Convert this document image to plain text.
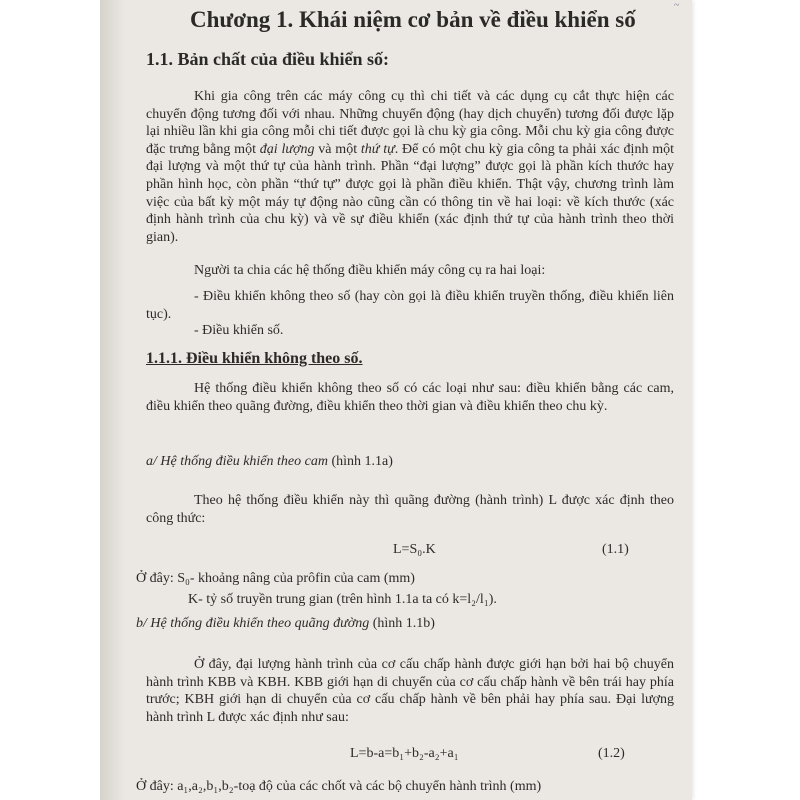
~
Chương 1. Khái niệm cơ bản về điều khiển số
1.1. Bản chất của điều khiển số:
Khi gia công trên các máy công cụ thì chi tiết và các dụng cụ cắt thực hiện các chuyển động tương đối với nhau. Những chuyển động (hay dịch chuyển) tương đối được lặp lại nhiều lần khi gia công mỗi chi tiết được gọi là chu kỳ gia công. Mỗi chu kỳ gia công được đặc trưng bằng một đại lượng và một thứ tự. Để có một chu kỳ gia công ta phải xác định một đại lượng và một thứ tự của hành trình. Phần “đại lượng” được gọi là phần kích thước hay phần hình học, còn phần “thứ tự” được gọi là phần điều khiển. Thật vậy, chương trình làm việc của bất kỳ một máy tự động nào cũng cần có thông tin về hai loại: về kích thước (xác định hành trình của chu kỳ) và về sự điều khiển (xác định thứ tự của hành trình theo thời gian).
Người ta chia các hệ thống điều khiển máy công cụ ra hai loại:
- Điều khiển không theo số (hay còn gọi là điều khiển truyền thống, điều khiển liên tục).
- Điều khiển số.
1.1.1. Điều khiển không theo số.
Hệ thống điều khiển không theo số có các loại như sau: điều khiển bằng các cam, điều khiển theo quãng đường, điều khiển theo thời gian và điều khiển theo chu kỳ.
a/ Hệ thống điều khiển theo cam (hình 1.1a)
Theo hệ thống điều khiển này thì quãng đường (hành trình) L được xác định theo công thức:
L=S₀.K	(1.1)
Ở đây: S₀- khoảng nâng của prôfin của cam (mm)
K- tỷ số truyền trung gian (trên hình 1.1a ta có k=l₂/l₁).
b/ Hệ thống điều khiển theo quãng đường (hình 1.1b)
Ở đây, đại lượng hành trình của cơ cấu chấp hành được giới hạn bởi hai bộ chuyển hành trình KBB và KBH. KBB giới hạn di chuyển của cơ cấu chấp hành về bên trái hay phía trước; KBH giới hạn di chuyển của cơ cấu chấp hành về bên phải hay phía sau. Đại lượng hành trình L được xác định như sau:
L=b-a=b₁+b₂-a₂+a₁	(1.2)
Ở đây: a₁,a₂,b₁,b₂-toạ độ của các chốt và các bộ chuyển hành trình (mm)
